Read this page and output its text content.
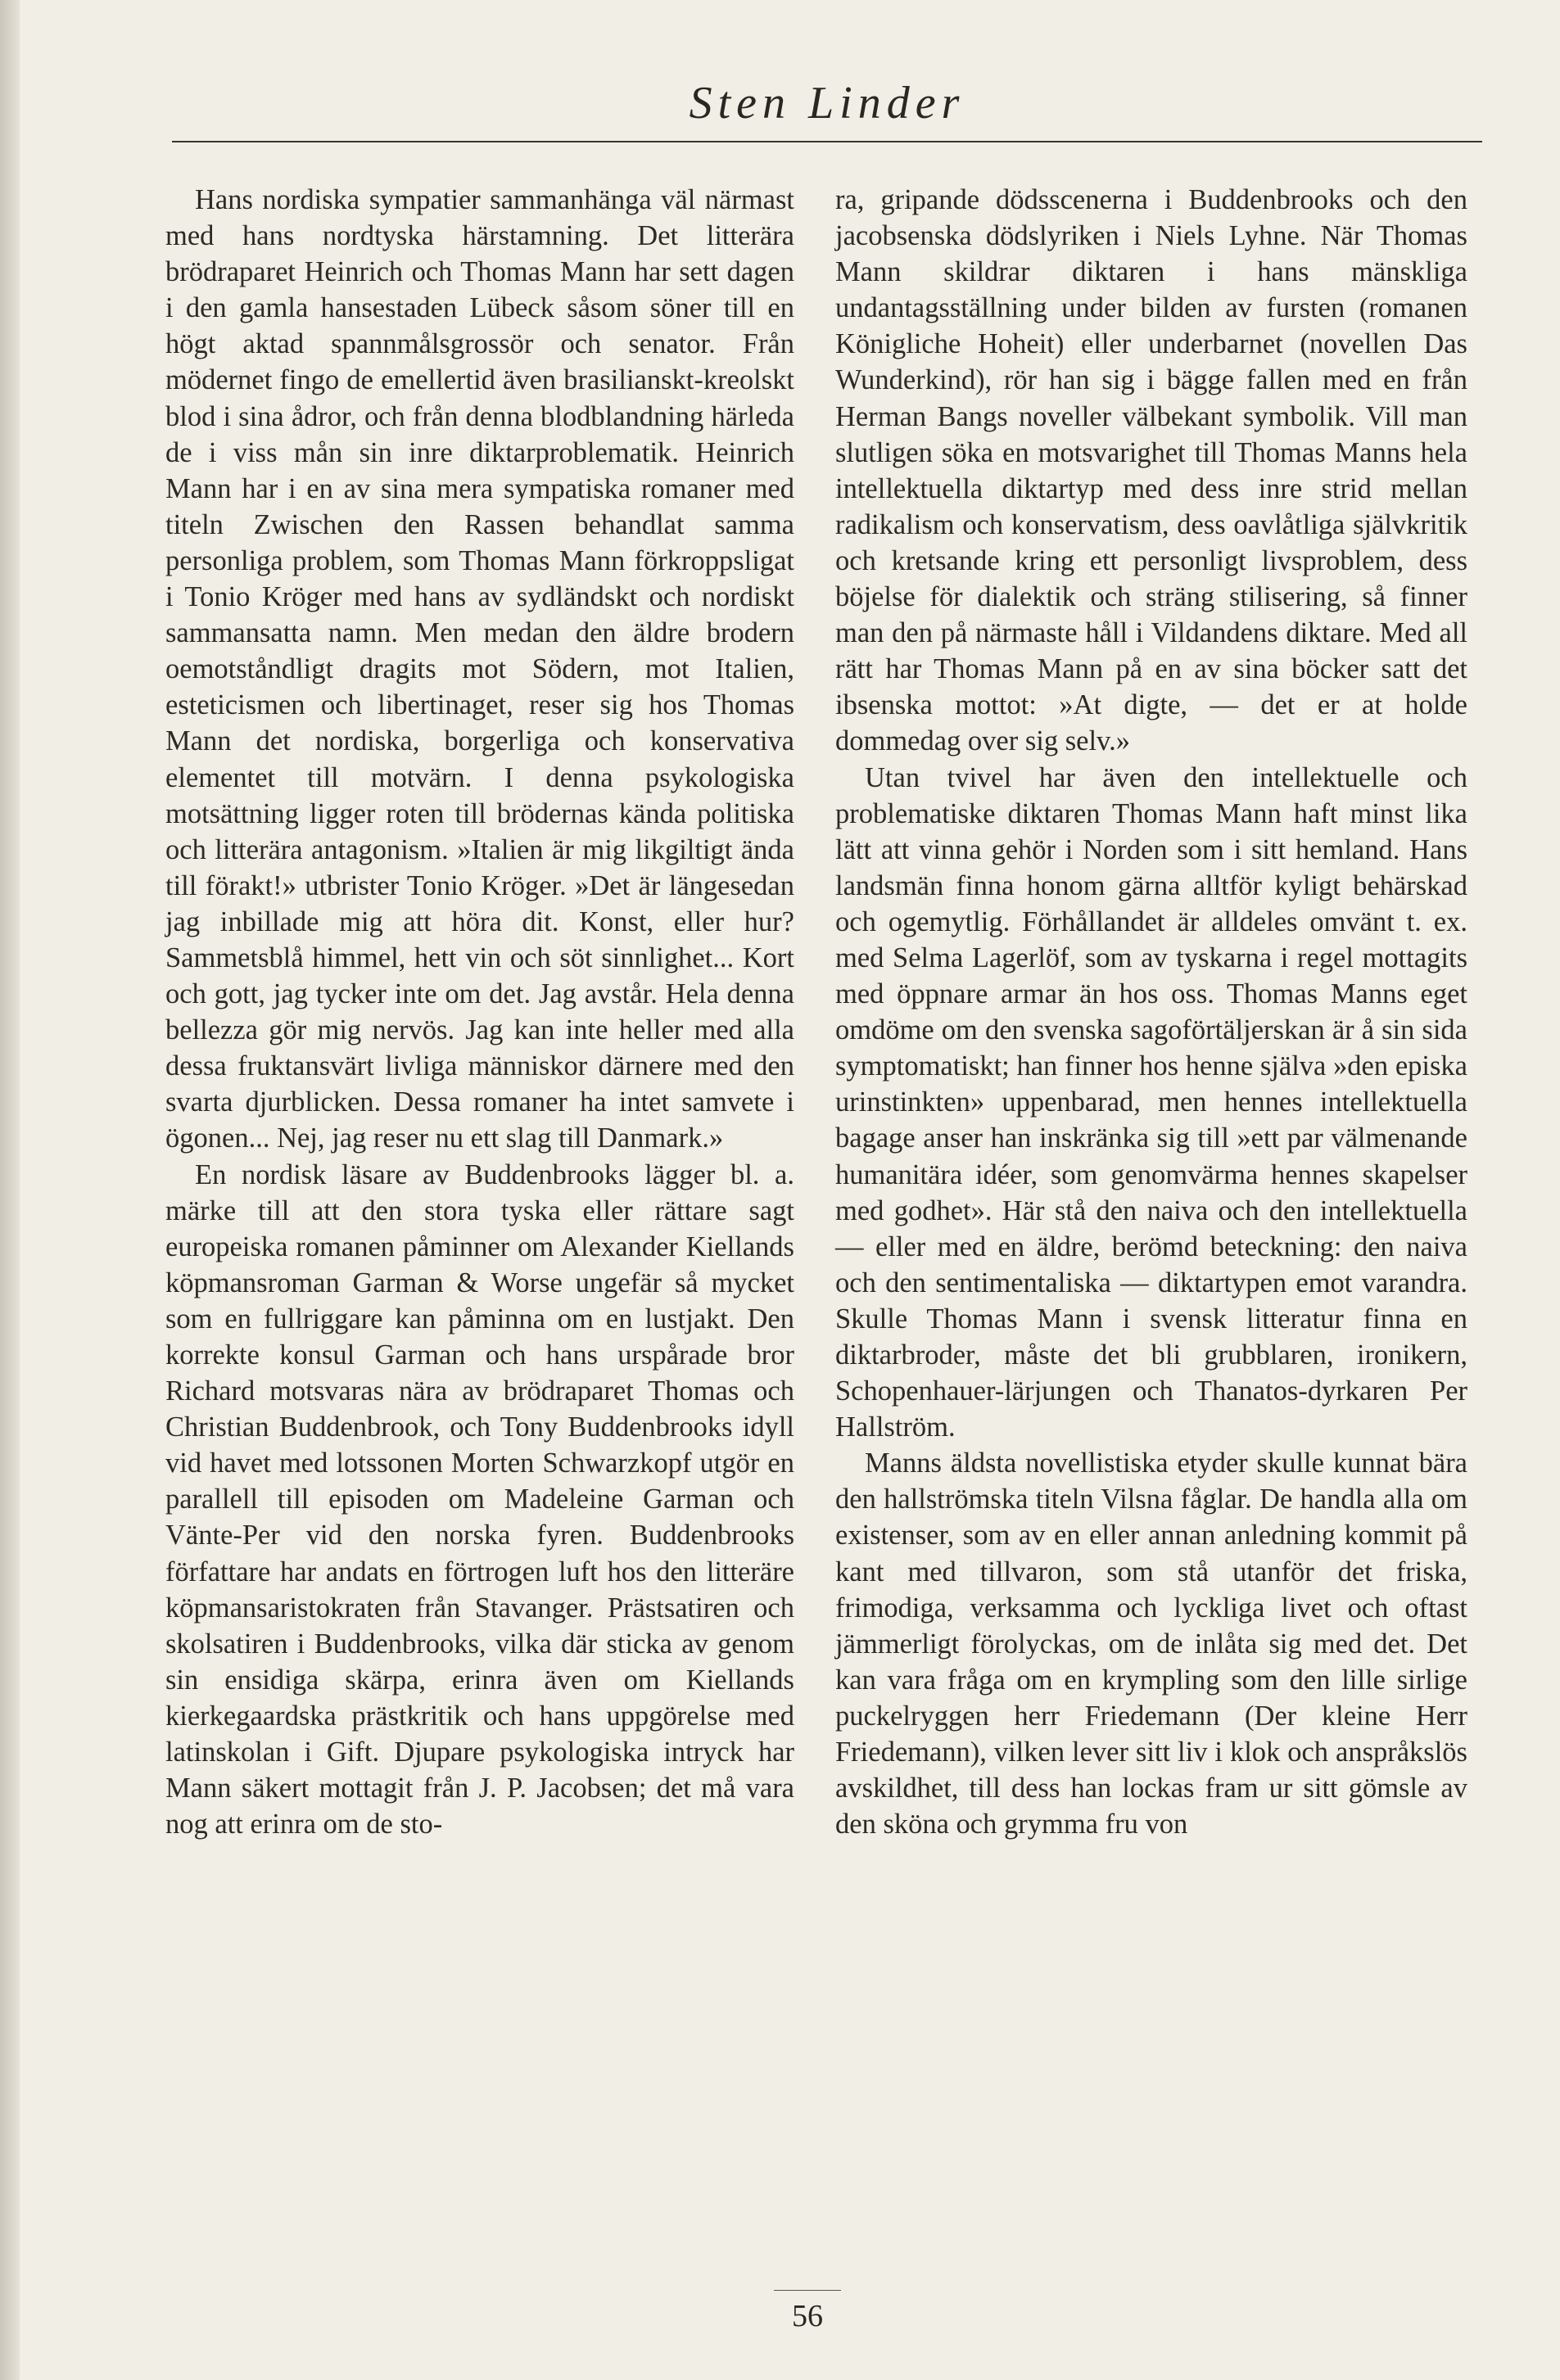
Sten Linder

Hans nordiska sympatier sammanhänga väl närmast med hans nordtyska härstamning. Det litterära brödraparet Heinrich och Thomas Mann har sett dagen i den gamla hansestaden Lübeck såsom söner till en högt aktad spannmålsgrossör och senator. Från mödernet fingo de emellertid även brasilianskt-kreolskt blod i sina ådror, och från denna blodblandning härleda de i viss mån sin inre diktarproblematik. Heinrich Mann har i en av sina mera sympatiska romaner med titeln Zwischen den Rassen behandlat samma personliga problem, som Thomas Mann förkroppsligat i Tonio Kröger med hans av sydländskt och nordiskt sammansatta namn. Men medan den äldre brodern oemotståndligt dragits mot Södern, mot Italien, esteticismen och libertinaget, reser sig hos Thomas Mann det nordiska, borgerliga och konservativa elementet till motvärn. I denna psykologiska motsättning ligger roten till brödernas kända politiska och litterära antagonism. »Italien är mig likgiltigt ända till förakt!» utbrister Tonio Kröger. »Det är längesedan jag inbillade mig att höra dit. Konst, eller hur? Sammetsblå himmel, hett vin och söt sinnlighet... Kort och gott, jag tycker inte om det. Jag avstår. Hela denna bellezza gör mig nervös. Jag kan inte heller med alla dessa fruktansvärt livliga människor därnere med den svarta djurblicken. Dessa romaner ha intet samvete i ögonen... Nej, jag reser nu ett slag till Danmark.»

En nordisk läsare av Buddenbrooks lägger bl. a. märke till att den stora tyska eller rättare sagt europeiska romanen påminner om Alexander Kiellands köpmansroman Garman & Worse ungefär så mycket som en fullriggare kan påminna om en lustjakt. Den korrekte konsul Garman och hans urspårade bror Richard motsvaras nära av brödraparet Thomas och Christian Buddenbrook, och Tony Buddenbrooks idyll vid havet med lotssonen Morten Schwarzkopf utgör en parallell till episoden om Madeleine Garman och Vänte-Per vid den norska fyren. Buddenbrooks författare har andats en förtrogen luft hos den litteräre köpmansaristokraten från Stavanger. Prästsatiren och skolsatiren i Buddenbrooks, vilka där sticka av genom sin ensidiga skärpa, erinra även om Kiellands kierkegaardska prästkritik och hans uppgörelse med latinskolan i Gift. Djupare psykologiska intryck har Mann säkert mottagit från J. P. Jacobsen; det må vara nog att erinra om de sto-

ra, gripande dödsscenerna i Buddenbrooks och den jacobsenska dödslyriken i Niels Lyhne. När Thomas Mann skildrar diktaren i hans mänskliga undantagsställning under bilden av fursten (romanen Königliche Hoheit) eller underbarnet (novellen Das Wunderkind), rör han sig i bägge fallen med en från Herman Bangs noveller välbekant symbolik. Vill man slutligen söka en motsvarighet till Thomas Manns hela intellektuella diktartyp med dess inre strid mellan radikalism och konservatism, dess oavlåtliga självkritik och kretsande kring ett personligt livsproblem, dess böjelse för dialektik och sträng stilisering, så finner man den på närmaste håll i Vildandens diktare. Med all rätt har Thomas Mann på en av sina böcker satt det ibsenska mottot: »At digte, — det er at holde dommedag over sig selv.»

Utan tvivel har även den intellektuelle och problematiske diktaren Thomas Mann haft minst lika lätt att vinna gehör i Norden som i sitt hemland. Hans landsmän finna honom gärna alltför kyligt behärskad och ogemytlig. Förhållandet är alldeles omvänt t. ex. med Selma Lagerlöf, som av tyskarna i regel mottagits med öppnare armar än hos oss. Thomas Manns eget omdöme om den svenska sagoförtäljerskan är å sin sida symptomatiskt; han finner hos henne själva »den episka urinstinkten» uppenbarad, men hennes intellektuella bagage anser han inskränka sig till »ett par välmenande humanitära idéer, som genomvärma hennes skapelser med godhet». Här stå den naiva och den intellektuella — eller med en äldre, berömd beteckning: den naiva och den sentimentaliska — diktartypen emot varandra. Skulle Thomas Mann i svensk litteratur finna en diktarbroder, måste det bli grubblaren, ironikern, Schopenhauer-lärjungen och Thanatos-dyrkaren Per Hallström.

Manns äldsta novellistiska etyder skulle kunnat bära den hallströmska titeln Vilsna fåglar. De handla alla om existenser, som av en eller annan anledning kommit på kant med tillvaron, som stå utanför det friska, frimodiga, verksamma och lyckliga livet och oftast jämmerligt förolyckas, om de inlåta sig med det. Det kan vara fråga om en krympling som den lille sirlige puckelryggen herr Friedemann (Der kleine Herr Friedemann), vilken lever sitt liv i klok och anspråkslös avskildhet, till dess han lockas fram ur sitt gömsle av den sköna och grymma fru von

56
